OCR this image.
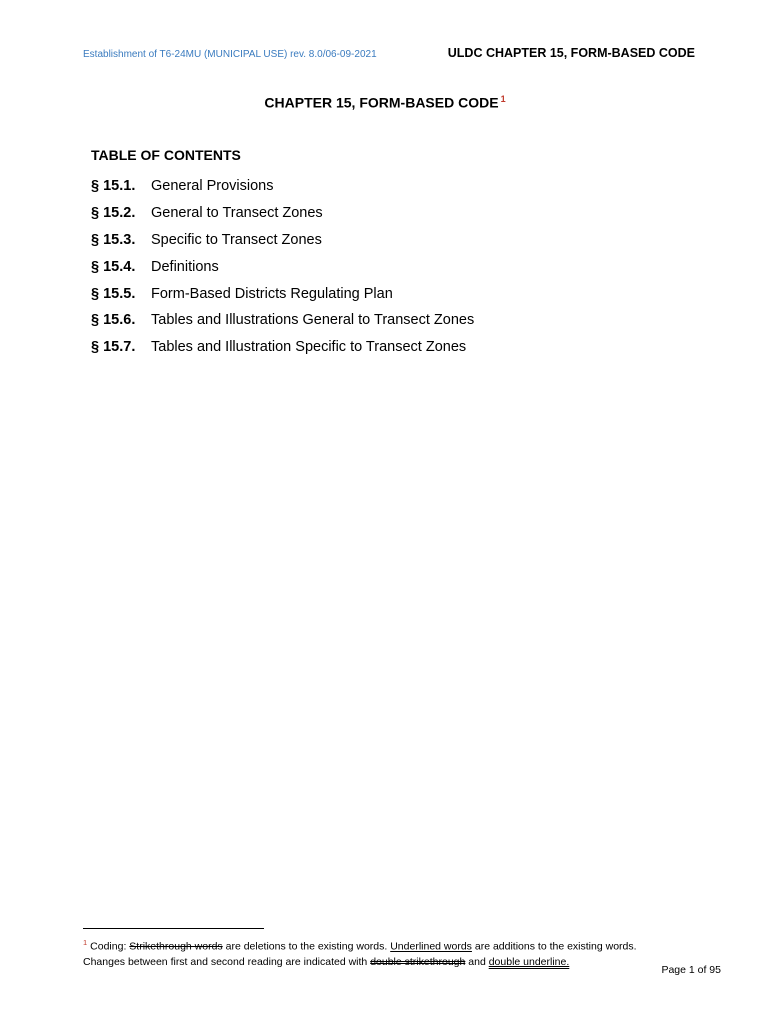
Establishment of T6-24MU (MUNICIPAL USE) rev. 8.0/06-09-2021	ULDC CHAPTER 15, FORM-BASED CODE
CHAPTER 15, FORM-BASED CODE $^1$
TABLE OF CONTENTS
§ 15.1.	General Provisions
§ 15.2.	General to Transect Zones
§ 15.3.	Specific to Transect Zones
§ 15.4.	Definitions
§ 15.5.	Form-Based Districts Regulating Plan
§ 15.6.	Tables and Illustrations General to Transect Zones
§ 15.7.	Tables and Illustration Specific to Transect Zones
$^1$ Coding: Strikethrough words are deletions to the existing words. Underlined words are additions to the existing words.
Changes between first and second reading are indicated with double strikethrough and double underline.
Page 1 of 95
